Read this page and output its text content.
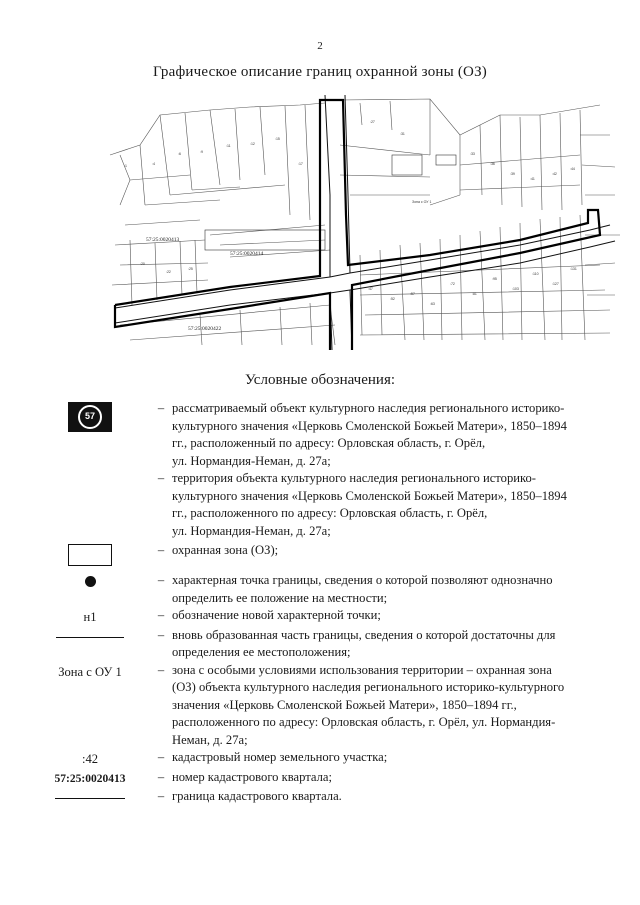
2
Графическое описание границ охранной зоны (ОЗ)
57:25:0020413
57:25:0020414
57:25:0020422
:1	:4
:6	:9
:11	:12
:15
:17
:20
:22
:25
:27
:31
:33
:36
:39
:41
:42
:44
:47
:52
:57
:63
:72
:81
:95
:103
:110
:127
:131
Зона с ОУ 1
Условные обозначения:
57
– рассматриваемый объект культурного наследия регионального историко-
культурного значения «Церковь Смоленской Божьей Матери», 1850–1894
гг., расположенный по адресу: Орловская область, г. Орёл,
ул. Нормандия-Неман, д. 27а;
– территория объекта культурного наследия регионального историко-
культурного значения «Церковь Смоленской Божьей Матери», 1850–1894
гг., расположенного по адресу: Орловская область, г. Орёл,
ул. Нормандия-Неман, д. 27а;
– охранная зона (ОЗ);
– характерная точка границы, сведения о которой позволяют однозначно
определить ее положение на местности;
н1	– обозначение новой характерной точки;
– вновь образованная часть границы, сведения о которой достаточны для
определения ее местоположения;
Зона с ОУ 1	– зона с особыми условиями использования территории – охранная зона
(ОЗ) объекта культурного наследия регионального историко-культурного
значения «Церковь Смоленской Божьей Матери», 1850–1894 гг.,
расположенного по адресу: Орловская область, г. Орёл, ул. Нормандия-
Неман, д. 27а;
:42	– кадастровый номер земельного участка;
57:25:0020413	– номер кадастрового квартала;
– граница кадастрового квартала.
